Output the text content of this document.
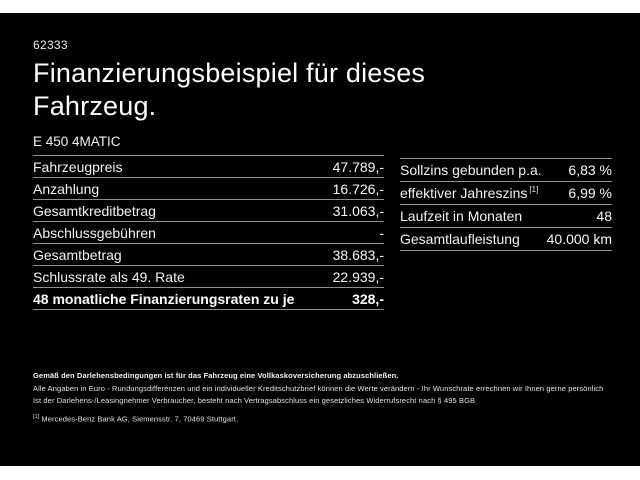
62333
Finanzierungsbeispiel für dieses
Fahrzeug.
E 450 4MATIC
Fahrzeugpreis	47.789,-
Anzahlung	16.726,-
Gesamtkreditbetrag	31.063,-
Abschlussgebühren	-
Gesamtbetrag	38.683,-
Schlussrate als 49. Rate	22.939,-
48 monatliche Finanzierungsraten zu je	328,-
Sollzins gebunden p.a. 6,83 %
effektiver Jahreszins [1] 6,99 %
Laufzeit in Monaten	48
Gesamtlaufleistung 40.000 km
Gemäß den Darlehensbedingungen ist für das Fahrzeug eine Vollkaskoversicherung abzuschließen.
Alle Angaben in Euro - Rundungsdifferenzen und ein individueller Kreditschutzbrief können die Werte verändern - Ihr Wunschrate errechnen wir Ihnen gerne persönlich
Ist der Darlehens-/Leasingnehmer Verbraucher, besteht nach Vertragsabschluss ein gesetzliches Widerrufsrecht nach § 495 BGB
[1] Mercedes-Benz Bank AG, Siemensstr. 7, 70469 Stuttgart.
